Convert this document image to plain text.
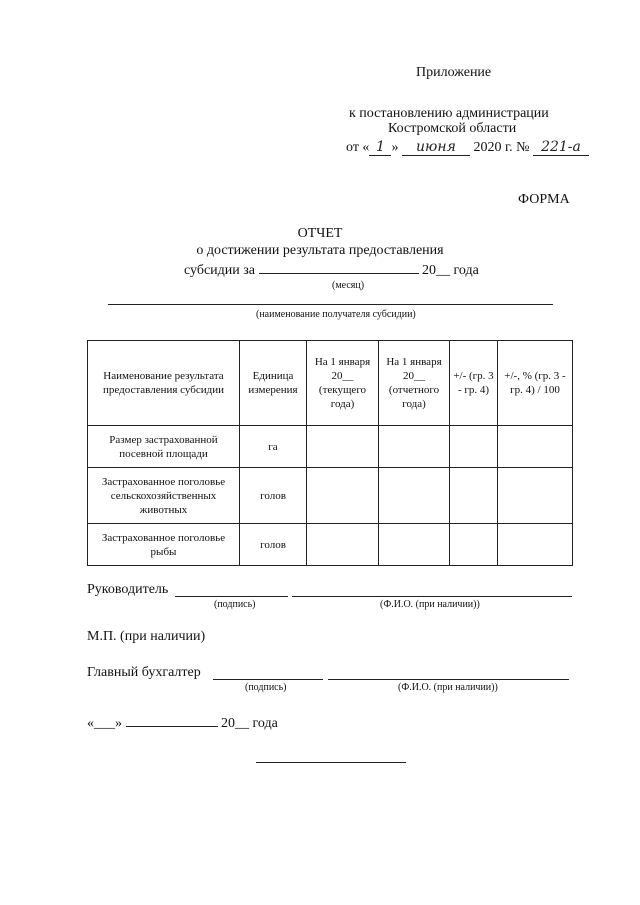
Приложение
к постановлению администрации
Костромской области
от « 1 » июня 2020 г. № 221-а
ФОРМА
ОТЧЕТ
о достижении результата предоставления
субсидии за	20__ года
(месяц)
(наименование получателя субсидии)
Наименование результата предоставления субсидии	Единица измерения	На 1 января 20__ (текущего года)	На 1 января 20__ (отчетного года)	+/- (гр. 3 - гр. 4)	+/-, % (гр. 3 - гр. 4) / 100
Размер застрахованной посевной площади	га				
Застрахованное поголовье сельскохозяйственных животных	голов				
Застрахованное поголовье рыбы	голов				
Руководитель
(подпись)	(Ф.И.О. (при наличии))
М.П. (при наличии)
Главный бухгалтер
(подпись)	(Ф.И.О. (при наличии))
«___»	20__ года
